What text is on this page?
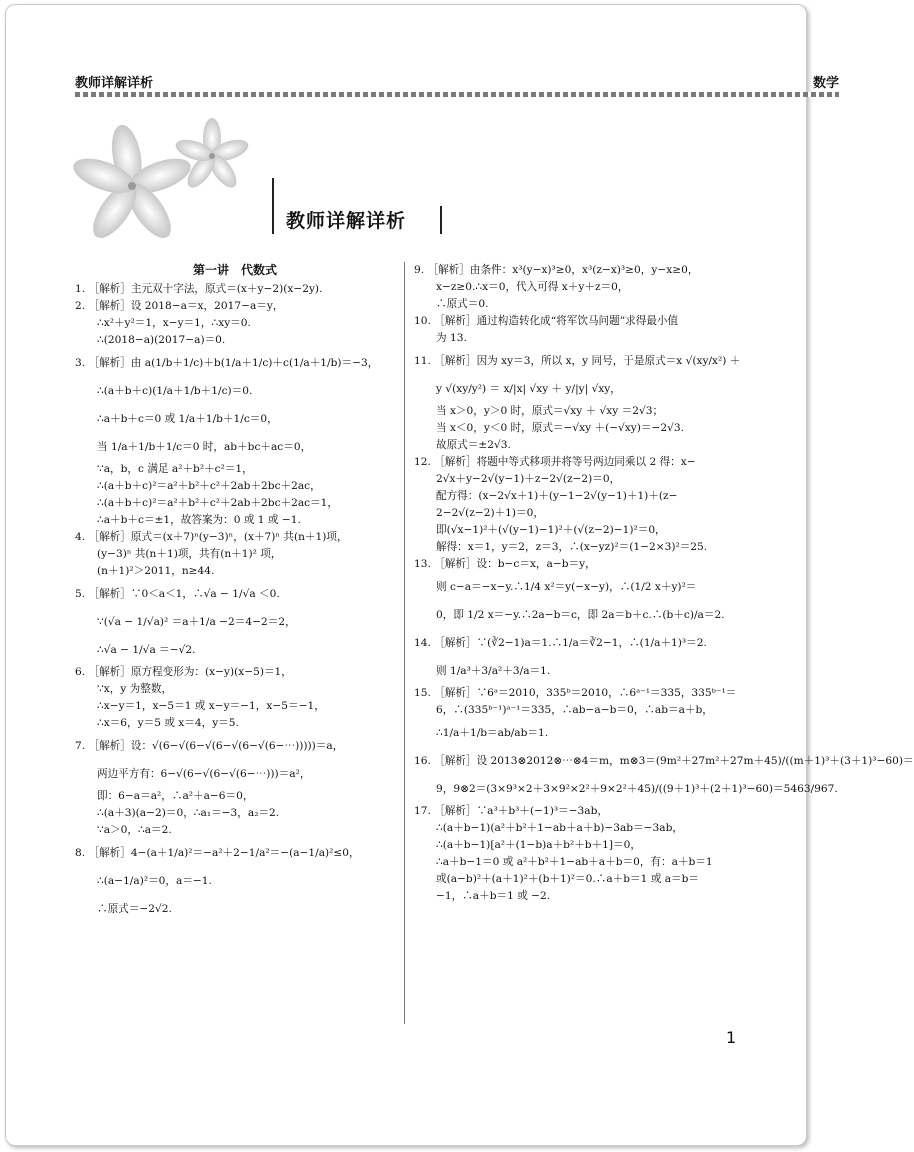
教师详解详析	数学
教师详解详析
第一讲　代数式
1. ［解析］主元双十字法，原式＝(x＋y−2)(x−2y).
2. ［解析］设 2018−a＝x，2017−a＝y，
∴x²＋y²＝1，x−y＝1，∴xy＝0.
∴(2018−a)(2017−a)＝0.
3. ［解析］由 a(1/b＋1/c)＋b(1/a＋1/c)＋c(1/a＋1/b)＝−3，
∴(a＋b＋c)(1/a＋1/b＋1/c)＝0.
∴a＋b＋c＝0 或 1/a＋1/b＋1/c＝0，
当 1/a＋1/b＋1/c＝0 时，ab＋bc＋ac＝0，
∵a，b，c 满足 a²＋b²＋c²＝1，
∴(a＋b＋c)²＝a²＋b²＋c²＋2ab＋2bc＋2ac，
∴(a＋b＋c)²＝a²＋b²＋c²＋2ab＋2bc＋2ac＝1，
∴a＋b＋c＝±1，故答案为：0 或 1 或 −1.
4. ［解析］原式＝(x＋7)ⁿ(y−3)ⁿ，(x＋7)ⁿ 共(n＋1)项，
(y−3)ⁿ 共(n＋1)项，共有(n＋1)² 项，
(n＋1)²＞2011，n≥44.
5. ［解析］∵0＜a＜1，∴√a − 1/√a ＜0.
∵(√a − 1/√a)² ＝a＋1/a −2＝4−2＝2，
∴√a − 1/√a ＝−√2.
6. ［解析］原方程变形为：(x−y)(x−5)＝1，
∵x，y 为整数，
∴x−y＝1，x−5＝1 或 x−y＝−1，x−5＝−1，
∴x＝6，y＝5 或 x＝4，y＝5.
7. ［解析］设：√(6−√(6−√(6−√(6−√(6−⋯)))))＝a，
两边平方有：6−√(6−√(6−√(6−⋯)))＝a²，
即：6−a＝a²，∴a²＋a−6＝0，
∴(a＋3)(a−2)＝0，∴a₁＝−3，a₂＝2.
∵a＞0，∴a＝2.
8. ［解析］4−(a＋1/a)²＝−a²＋2−1/a²＝−(a−1/a)²≤0，
∴(a−1/a)²＝0，a＝−1.
∴原式＝−2√2.
9. ［解析］由条件：x³(y−x)³≥0，x³(z−x)³≥0，y−x≥0，
x−z≥0.∴x＝0，代入可得 x＋y＋z＝0，
∴原式＝0.
10. ［解析］通过构造转化成“将军饮马问题”求得最小值
为 13.
11. ［解析］因为 xy＝3，所以 x，y 同号，于是原式＝x √(xy/x²) ＋
y √(xy/y²) ＝ x/|x| √xy ＋ y/|y| √xy，
当 x＞0，y＞0 时，原式＝√xy ＋ √xy ＝2√3；
当 x＜0，y＜0 时，原式＝−√xy ＋(−√xy)＝−2√3.
故原式＝±2√3.
12. ［解析］将题中等式移项并将等号两边同乘以 2 得：x−
2√x＋y−2√(y−1)＋z−2√(z−2)＝0，
配方得：(x−2√x＋1)＋(y−1−2√(y−1)＋1)＋(z−
2−2√(z−2)＋1)＝0，
即(√x−1)²＋(√(y−1)−1)²＋(√(z−2)−1)²＝0，
解得：x＝1，y＝2，z＝3，∴(x−yz)²＝(1−2×3)²＝25.
13. ［解析］设：b−c＝x，a−b＝y，
则 c−a＝−x−y.∴1/4 x²＝y(−x−y)，∴(1/2 x＋y)²＝
0，即 1/2 x＝−y.∴2a−b＝c，即 2a＝b＋c.∴(b＋c)/a＝2.
14. ［解析］∵(∛2−1)a＝1.∴1/a＝∛2−1，∴(1/a＋1)³＝2.
则 1/a³＋3/a²＋3/a＝1.
15. ［解析］∵6ᵃ＝2010，335ᵇ＝2010，∴6ᵃ⁻¹＝335，335ᵇ⁻¹＝
6，∴(335ᵇ⁻¹)ᵃ⁻¹＝335，∴ab−a−b＝0，∴ab＝a＋b，
∴1/a＋1/b＝ab/ab＝1.
16. ［解析］设 2013⊗2012⊗⋯⊗4＝m，m⊗3＝(9m²＋27m²＋27m＋45)/((m＋1)³＋(3＋1)³−60)＝
9，9⊗2＝(3×9³×2＋3×9²×2²＋9×2²＋45)/((9＋1)³＋(2＋1)³−60)＝5463/967.
17. ［解析］∵a³＋b³＋(−1)³＝−3ab，
∴(a＋b−1)(a²＋b²＋1−ab＋a＋b)−3ab＝−3ab，
∴(a＋b−1)[a²＋(1−b)a＋b²＋b＋1]＝0，
∴a＋b−1＝0 或 a²＋b²＋1−ab＋a＋b＝0，有：a＋b＝1
或(a−b)²＋(a＋1)²＋(b＋1)²＝0.∴a＋b＝1 或 a＝b＝
−1，∴a＋b＝1 或 −2.
1
